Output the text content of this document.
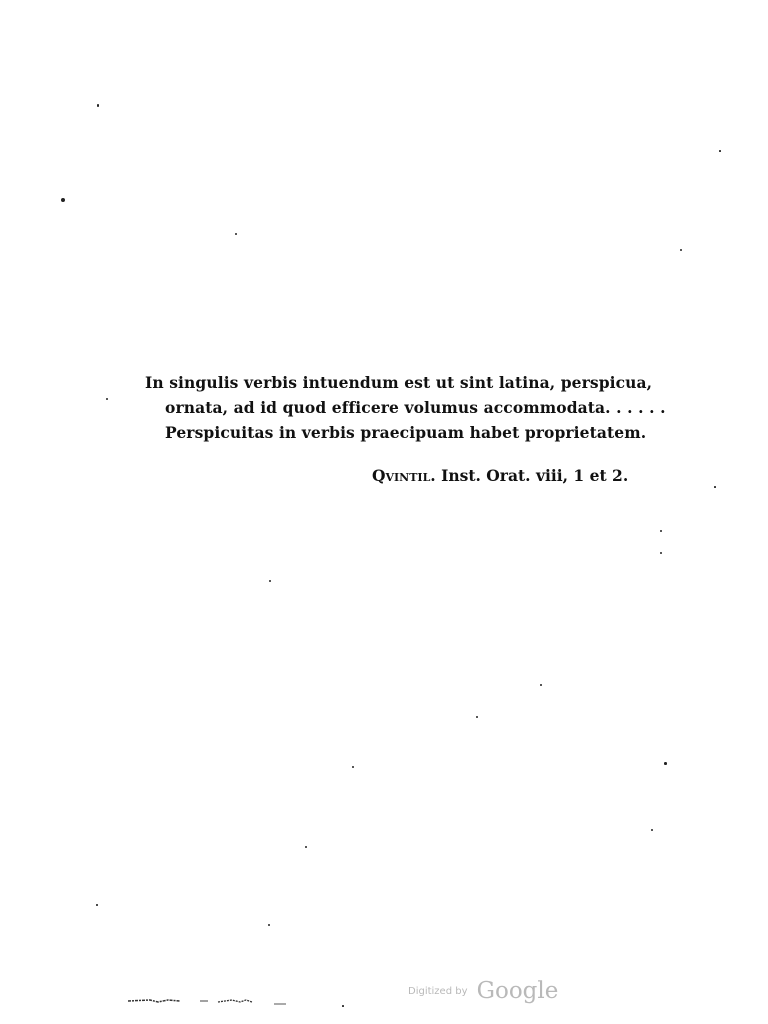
In singulis verbis intuendum est ut sint latina, perspicua,
ornata, ad id quod efficere volumus accommodata. . . . . .
Perspicuitas in verbis praecipuam habet proprietatem.
Qvintil. Inst. Orat. viii, 1 et 2.
Digitized by Google
